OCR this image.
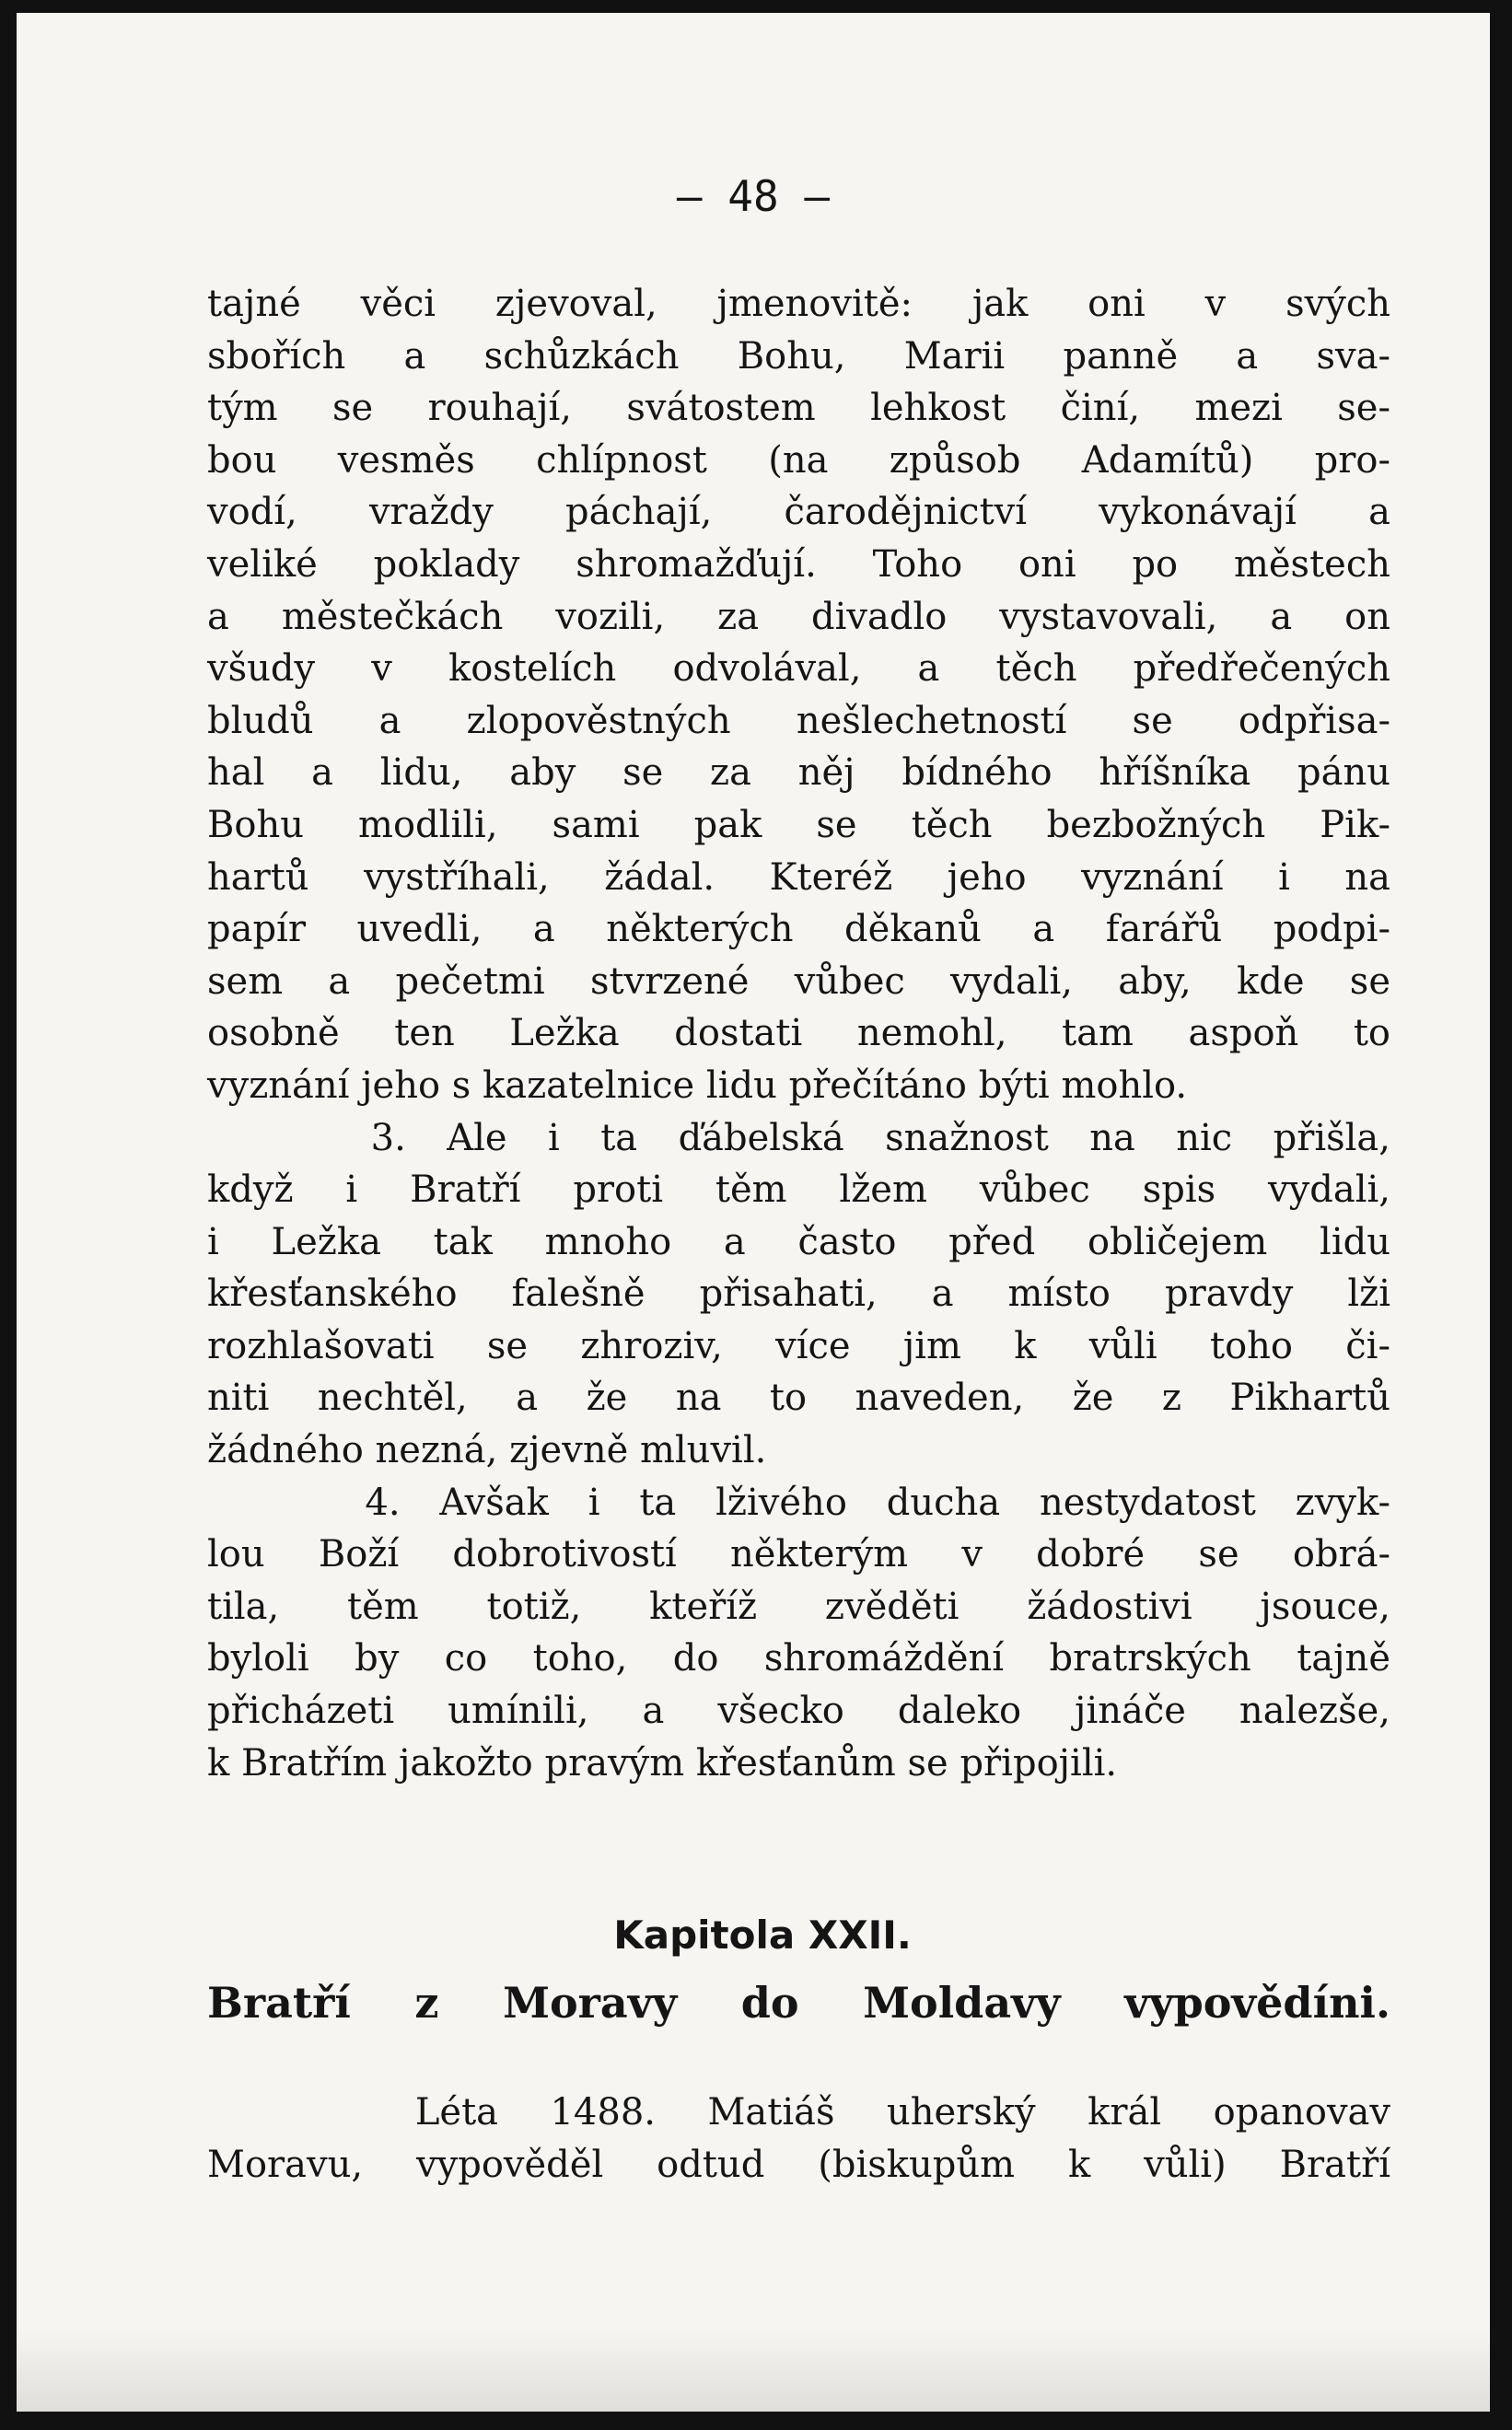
— 48 —
tajné věci zjevoval, jmenovitě: jak oni v svých
sbořích a schůzkách Bohu, Marii panně a sva-
tým se rouhají, svátostem lehkost činí, mezi se-
bou vesměs chlípnost (na způsob Adamítů) pro-
vodí, vraždy páchají, čarodějnictví vykonávají a
veliké poklady shromažďují. Toho oni po městech
a městečkách vozili, za divadlo vystavovali, a on
všudy v kostelích odvolával, a těch předřečených
bludů a zlopověstných nešlechetností se odpřisa-
hal a lidu, aby se za něj bídného hříšníka pánu
Bohu modlili, sami pak se těch bezbožných Pik-
hartů vystříhali, žádal. Kteréž jeho vyznání i na
papír uvedli, a některých děkanů a farářů podpi-
sem a pečetmi stvrzené vůbec vydali, aby, kde se
osobně ten Ležka dostati nemohl, tam aspoň to
vyznání jeho s kazatelnice lidu přečítáno býti mohlo.
3. Ale i ta ďábelská snažnost na nic přišla,
když i Bratří proti těm lžem vůbec spis vydali,
i Ležka tak mnoho a často před obličejem lidu
křesťanského falešně přisahati, a místo pravdy lži
rozhlašovati se zhroziv, více jim k vůli toho či-
niti nechtěl, a že na to naveden, že z Pikhartů
žádného nezná, zjevně mluvil.
4. Avšak i ta lživého ducha nestydatost zvyk-
lou Boží dobrotivostí některým v dobré se obrá-
tila, těm totiž, kteříž zvěděti žádostivi jsouce,
byloli by co toho, do shromáždění bratrských tajně
přicházeti umínili, a všecko daleko jináče nalezše,
k Bratřím jakožto pravým křesťanům se připojili.
Kapitola XXII.
Bratří z Moravy do Moldavy vypovědíni.
Léta 1488. Matiáš uherský král opanovav
Moravu, vypověděl odtud (biskupům k vůli) Bratří
